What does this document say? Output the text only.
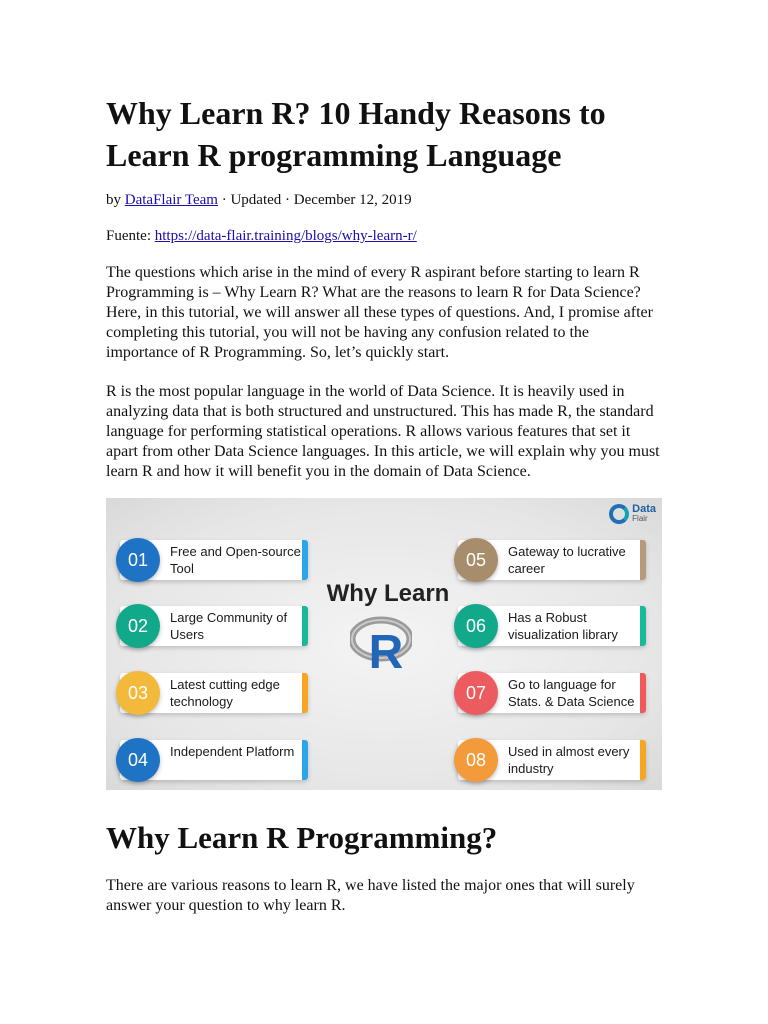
Why Learn R? 10 Handy Reasons to Learn R programming Language
by DataFlair Team · Updated · December 12, 2019
Fuente: https://data-flair.training/blogs/why-learn-r/

The questions which arise in the mind of every R aspirant before starting to learn R Programming is – Why Learn R? What are the reasons to learn R for Data Science? Here, in this tutorial, we will answer all these types of questions. And, I promise after completing this tutorial, you will not be having any confusion related to the importance of R Programming. So, let’s quickly start.

R is the most popular language in the world of Data Science. It is heavily used in analyzing data that is both structured and unstructured. This has made R, the standard language for performing statistical operations. R allows various features that set it apart from other Data Science languages. In this article, we will explain why you must learn R and how it will benefit you in the domain of Data Science.

Data
Flair
Why Learn
R
Free and Open-source Tool
01
Large Community of Users
02
Latest cutting edge technology
03
Independent Platform
04
Gateway to lucrative career
05
Has a Robust visualization library
06
Go to language for Stats. & Data Science
07
Used in almost every industry
08
Why Learn R Programming?

There are various reasons to learn R, we have listed the major ones that will surely answer your question to why learn R.
